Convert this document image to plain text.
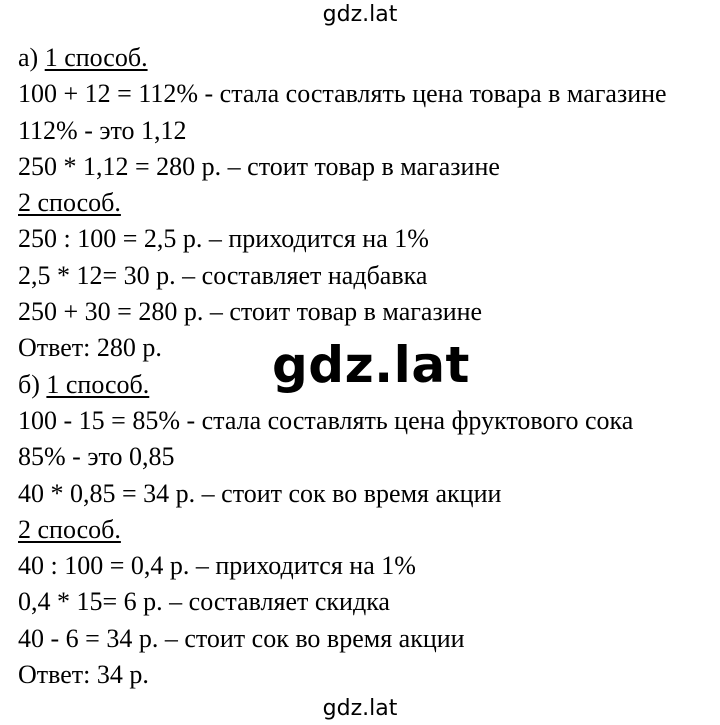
gdz.lat
а) 1 способ.
100 + 12 = 112% - стала составлять цена товара в магазине
112% - это 1,12
250 * 1,12 = 280 р. – стоит товар в магазине
2 способ.
250 : 100 = 2,5 р. – приходится на 1%
2,5 * 12= 30 р. – составляет надбавка
250 + 30 = 280 р. – стоит товар в магазине
Ответ: 280 р.
б) 1 способ.
100 - 15 = 85% - стала составлять цена фруктового сока
85% - это 0,85
40 * 0,85 = 34 р. – стоит сок во время акции
2 способ.
40 : 100 = 0,4 р. – приходится на 1%
0,4 * 15= 6 р. – составляет скидка
40 - 6 = 34 р. – стоит сок во время акции
Ответ: 34 р.
gdz.lat
gdz.lat
